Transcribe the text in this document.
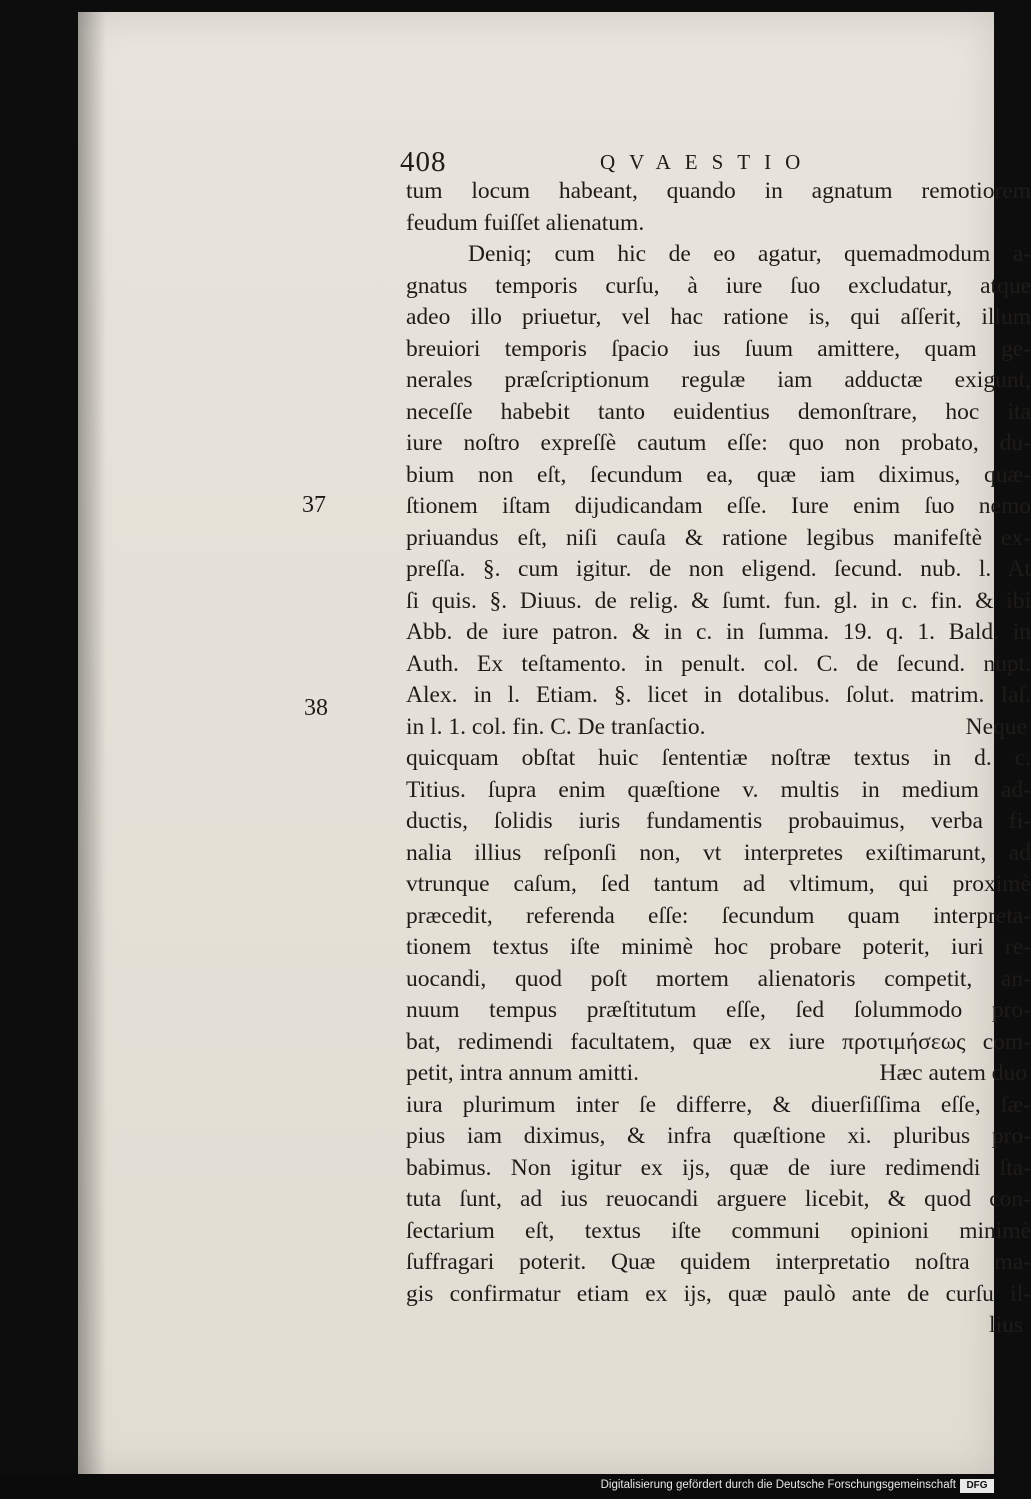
408	QVAESTIO
37
38
tum locum habeant, quando in agnatum remotiorem
feudum fuiſſet alienatum.
Deniq; cum hic de eo agatur, quemadmodum a-
gnatus temporis curſu, à iure ſuo excludatur, atque
adeo illo priuetur, vel hac ratione is, qui aſſerit, illum
breuiori temporis ſpacio ius ſuum amittere, quam ge-
nerales præſcriptionum regulæ iam adductæ exigunt,
neceſſe habebit tanto euidentius demonſtrare, hoc ita
iure noſtro expreſſè cautum eſſe: quo non probato, du-
bium non eſt, ſecundum ea, quæ iam diximus, quæ-
ſtionem iſtam dijudicandam eſſe. Iure enim ſuo nemo
priuandus eſt, niſi cauſa & ratione legibus manifeſtè ex-
preſſa. §. cum igitur. de non eligend. ſecund. nub. l. At
ſi quis. §. Diuus. de relig. & ſumt. fun. gl. in c. fin. & ibi
Abb. de iure patron. & in c. in ſumma. 19. q. 1. Bald. in
Auth. Ex teſtamento. in penult. col. C. de ſecund. nupt.
Alex. in l. Etiam. §. licet in dotalibus. ſolut. matrim. Iaſ.
in l. 1. col. fin. C. De tranſactio.	Neque
quicquam obſtat huic ſententiæ noſtræ textus in d. c.
Titius. ſupra enim quæſtione v. multis in medium ad-
ductis, ſolidis iuris fundamentis probauimus, verba fi-
nalia illius reſponſi non, vt interpretes exiſtimarunt, ad
vtrunque caſum, ſed tantum ad vltimum, qui proximè
præcedit, referenda eſſe: ſecundum quam interpreta-
tionem textus iſte minimè hoc probare poterit, iuri re-
uocandi, quod poſt mortem alienatoris competit, an-
nuum tempus præſtitutum eſſe, ſed ſolummodo pro-
bat, redimendi facultatem, quæ ex iure προτιμήσεως com-
petit, intra annum amitti.	Hæc autem duo
iura plurimum inter ſe differre, & diuerſiſſima eſſe, ſæ-
pius iam diximus, & infra quæſtione xi. pluribus pro-
babimus. Non igitur ex ijs, quæ de iure redimendi ſta-
tuta ſunt, ad ius reuocandi arguere licebit, & quod con-
ſectarium eſt, textus iſte communi opinioni minimè
ſuffragari poterit. Quæ quidem interpretatio noſtra ma-
gis confirmatur etiam ex ijs, quæ paulò ante de curſu il-
lius
Digitalisierung gefördert durch die Deutsche Forschungsgemeinschaft	DFG
